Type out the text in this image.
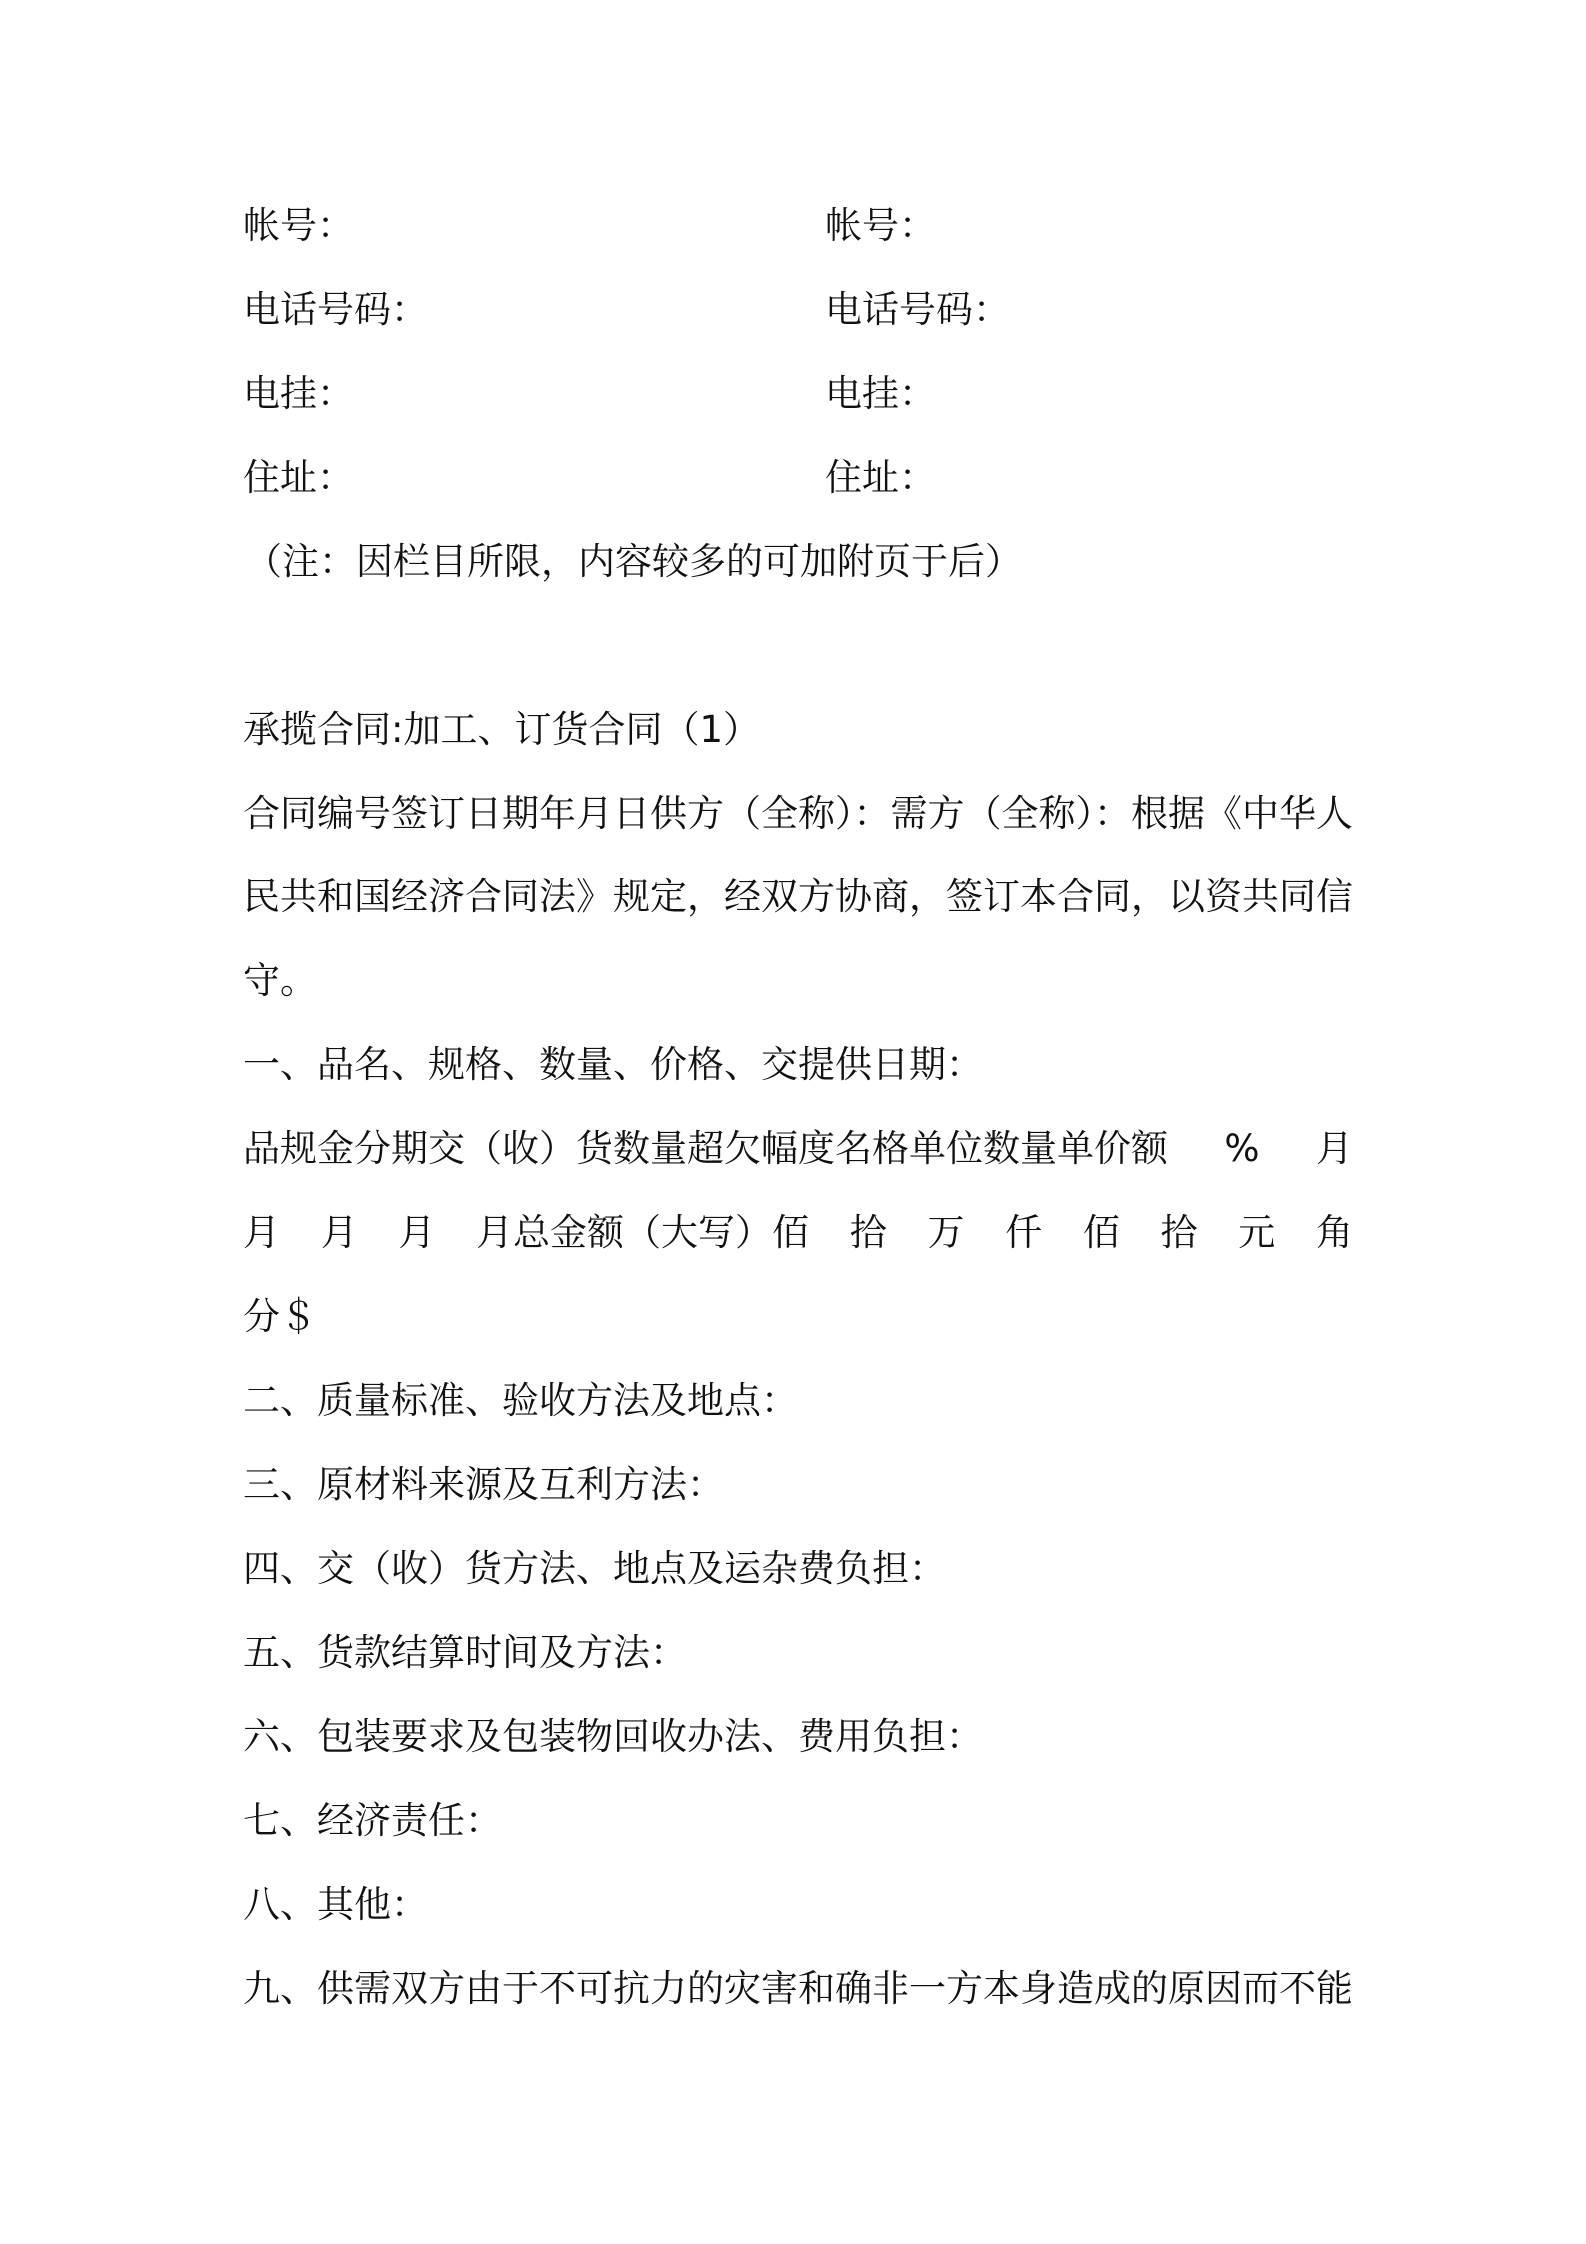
帐号：	帐号：
电话号码：	电话号码：
电挂：	电挂：
住址：	住址：
（注：因栏目所限，内容较多的可加附页于后）
承揽合同:加工、订货合同（1）
合同编号签订日期年月日供方（全称）：需方（全称）：根据《中华人
民共和国经济合同法》规定，经双方协商，签订本合同，以资共同信
守。
一、品名、规格、数量、价格、交提供日期：
品规金分期交（收）货数量超欠幅度名格单位数量单价额 % 月
月 月 月 月总金额（大写）佰 拾 万 仟 佰 拾 元 角
分＄
二、质量标准、验收方法及地点：
三、原材料来源及互利方法：
四、交（收）货方法、地点及运杂费负担：
五、货款结算时间及方法：
六、包装要求及包装物回收办法、费用负担：
七、经济责任：
八、其他：
九、供需双方由于不可抗力的灾害和确非一方本身造成的原因而不能
